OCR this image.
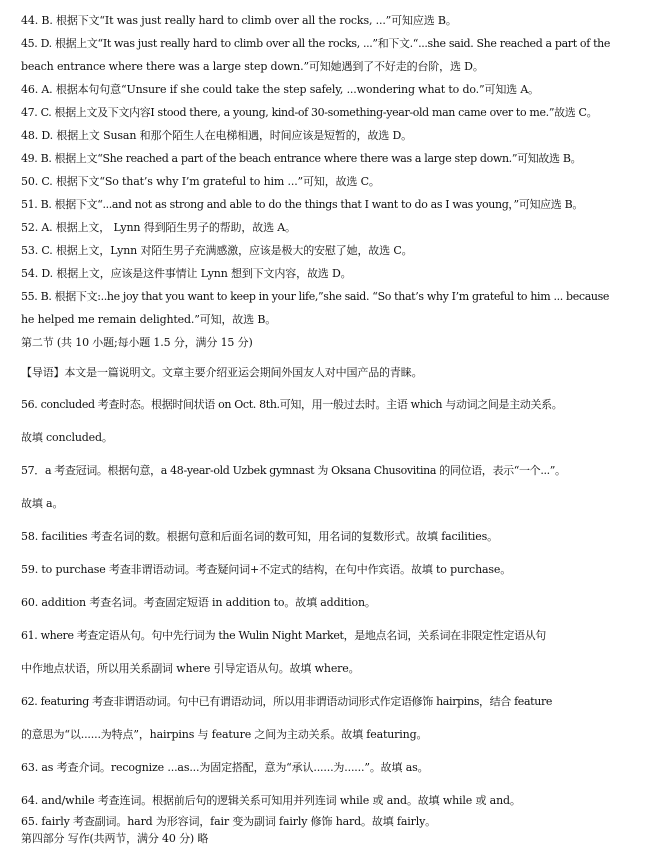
44. B. 根据下文“It was just really hard to climb over all the rocks, ...”可知应选 B。
45. D. 根据上文“It was just really hard to climb over all the rocks, ...”和下文.“...she said. She reached a part of the
beach entrance where there was a large step down.”可知她遇到了不好走的台阶，选 D。
46. A. 根据本句句意“Unsure if she could take the step safely, ...wondering what to do.”可知选 A。
47. C. 根据上文及下文内容I stood there, a young, kind-of 30-something-year-old man came over to me.”故选 C。
48. D. 根据上文 Susan 和那个陌生人在电梯相遇，时间应该是短暂的，故选 D。
49. B. 根据上文“She reached a part of the beach entrance where there was a large step down.”可知故选 B。
50. C. 根据下文“So that’s why I’m grateful to him ...”可知，故选 C。
51. B. 根据下文“...and not as strong and able to do the things that I want to do as I was young，”可知应选 B。
52. A. 根据上文， Lynn 得到陌生男子的帮助，故选 A。
53. C. 根据上文，Lynn 对陌生男子充满感激，应该是极大的安慰了她，故选 C。
54. D. 根据上文，应该是这件事情让 Lynn 想到下文内容，故选 D。
55. B. 根据下文:..he joy that you want to keep in your life,”she said. “So that’s why I’m grateful to him ... because
he helped me remain delighted.”可知，故选 B。
第二节 (共 10 小题;每小题 1.5 分，满分 15 分)
【导语】本文是一篇说明文。文章主要介绍亚运会期间外国友人对中国产品的青睐。
56. concluded 考查时态。根据时间状语 on Oct. 8th.可知，用一般过去时。主语 which 与动词之间是主动关系。
故填 concluded。
57．a 考查冠词。根据句意，a 48-year-old Uzbek gymnast 为 Oksana Chusovitina 的同位语，表示“一个...”。
故填 a。
58. facilities 考查名词的数。根据句意和后面名词的数可知，用名词的复数形式。故填 facilities。
59. to purchase 考查非谓语动词。考查疑问词+不定式的结构，在句中作宾语。故填 to purchase。
60. addition 考查名词。考查固定短语 in addition to。故填 addition。
61. where 考查定语从句。句中先行词为 the Wulin Night Market，是地点名词，关系词在非限定性定语从句
中作地点状语，所以用关系副词 where 引导定语从句。故填 where。
62. featuring 考查非谓语动词。句中已有谓语动词，所以用非谓语动词形式作定语修饰 hairpins，结合 feature
的意思为“以......为特点”，hairpins 与 feature 之间为主动关系。故填 featuring。
63. as 考查介词。recognize ...as...为固定搭配，意为“承认......为......”。故填 as。
64. and/while 考查连词。根据前后句的逻辑关系可知用并列连词 while 或 and。故填 while 或 and。
65. fairly 考查副词。hard 为形容词，fair 变为副词 fairly 修饰 hard。故填 fairly。
第四部分 写作(共两节，满分 40 分) 略
